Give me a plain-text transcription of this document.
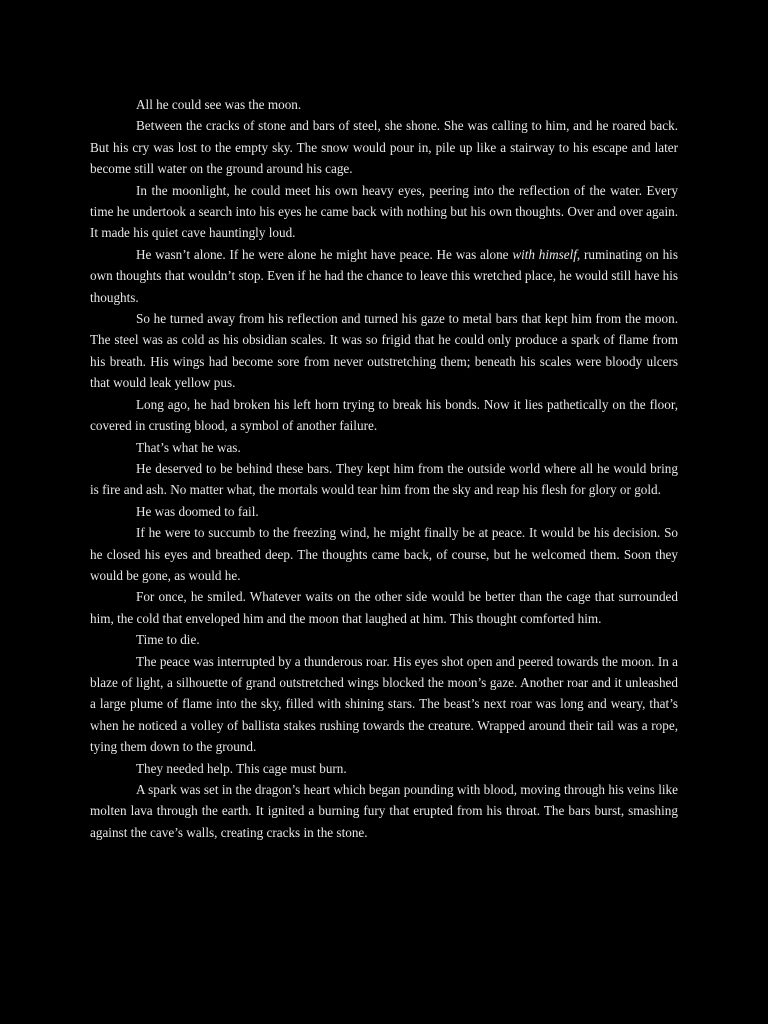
All he could see was the moon.

Between the cracks of stone and bars of steel, she shone. She was calling to him, and he roared back. But his cry was lost to the empty sky. The snow would pour in, pile up like a stairway to his escape and later become still water on the ground around his cage.

In the moonlight, he could meet his own heavy eyes, peering into the reflection of the water. Every time he undertook a search into his eyes he came back with nothing but his own thoughts. Over and over again. It made his quiet cave hauntingly loud.

He wasn’t alone. If he were alone he might have peace. He was alone with himself, ruminating on his own thoughts that wouldn’t stop. Even if he had the chance to leave this wretched place, he would still have his thoughts.

So he turned away from his reflection and turned his gaze to metal bars that kept him from the moon. The steel was as cold as his obsidian scales. It was so frigid that he could only produce a spark of flame from his breath. His wings had become sore from never outstretching them; beneath his scales were bloody ulcers that would leak yellow pus.

Long ago, he had broken his left horn trying to break his bonds. Now it lies pathetically on the floor, covered in crusting blood, a symbol of another failure.

That’s what he was.

He deserved to be behind these bars. They kept him from the outside world where all he would bring is fire and ash. No matter what, the mortals would tear him from the sky and reap his flesh for glory or gold.

He was doomed to fail.

If he were to succumb to the freezing wind, he might finally be at peace. It would be his decision. So he closed his eyes and breathed deep. The thoughts came back, of course, but he welcomed them. Soon they would be gone, as would he.

For once, he smiled. Whatever waits on the other side would be better than the cage that surrounded him, the cold that enveloped him and the moon that laughed at him. This thought comforted him.

Time to die.

The peace was interrupted by a thunderous roar. His eyes shot open and peered towards the moon. In a blaze of light, a silhouette of grand outstretched wings blocked the moon’s gaze. Another roar and it unleashed a large plume of flame into the sky, filled with shining stars. The beast’s next roar was long and weary, that’s when he noticed a volley of ballista stakes rushing towards the creature. Wrapped around their tail was a rope, tying them down to the ground.

They needed help. This cage must burn.

A spark was set in the dragon’s heart which began pounding with blood, moving through his veins like molten lava through the earth. It ignited a burning fury that erupted from his throat. The bars burst, smashing against the cave’s walls, creating cracks in the stone.
